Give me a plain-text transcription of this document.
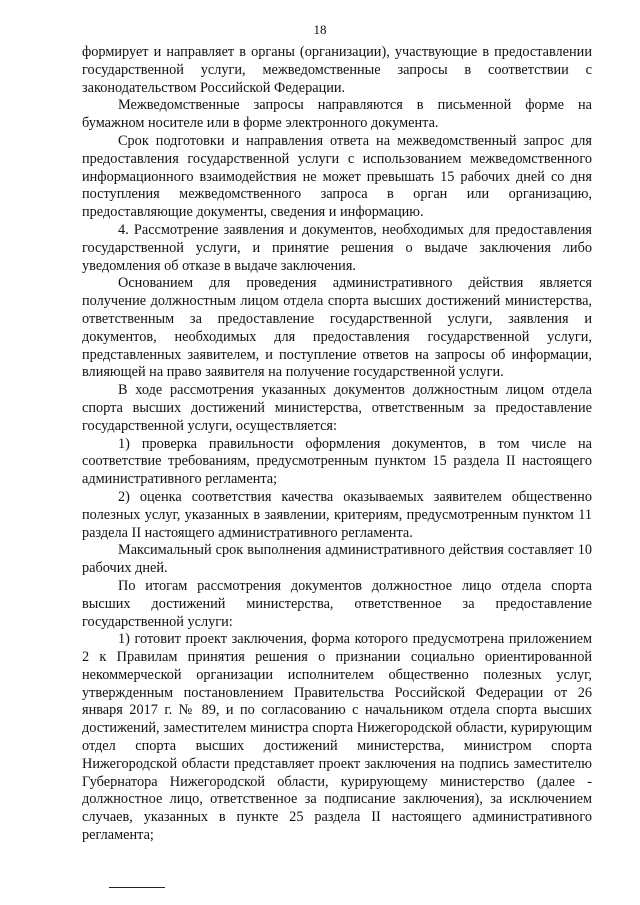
18

формирует и направляет в органы (организации), участвующие в предоставлении государственной услуги, межведомственные запросы в соответствии с законодательством Российской Федерации.

Межведомственные запросы направляются в письменной форме на бумажном носителе или в форме электронного документа.

Срок подготовки и направления ответа на межведомственный запрос для предоставления государственной услуги с использованием межведомственного информационного взаимодействия не может превышать 15 рабочих дней со дня поступления межведомственного запроса в орган или организацию, предоставляющие документы, сведения и информацию.

4. Рассмотрение заявления и документов, необходимых для предоставления государственной услуги, и принятие решения о выдаче заключения либо уведомления об отказе в выдаче заключения.

Основанием для проведения административного действия является получение должностным лицом отдела спорта высших достижений министерства, ответственным за предоставление государственной услуги, заявления и документов, необходимых для предоставления государственной услуги, представленных заявителем, и поступление ответов на запросы об информации, влияющей на право заявителя на получение государственной услуги.

В ходе рассмотрения указанных документов должностным лицом отдела спорта высших достижений министерства, ответственным за предоставление государственной услуги, осуществляется:

1) проверка правильности оформления документов, в том числе на соответствие требованиям, предусмотренным пунктом 15 раздела II настоящего административного регламента;

2) оценка соответствия качества оказываемых заявителем общественно полезных услуг, указанных в заявлении, критериям, предусмотренным пунктом 11 раздела II настоящего административного регламента.

Максимальный срок выполнения административного действия составляет 10 рабочих дней.

По итогам рассмотрения документов должностное лицо отдела спорта высших достижений министерства, ответственное за предоставление государственной услуги:

1) готовит проект заключения, форма которого предусмотрена приложением 2 к Правилам принятия решения о признании социально ориентированной некоммерческой организации исполнителем общественно полезных услуг, утвержденным постановлением Правительства Российской Федерации от 26 января 2017 г. № 89, и по согласованию с начальником отдела спорта высших достижений, заместителем министра спорта Нижегородской области, курирующим отдел спорта высших достижений министерства, министром спорта Нижегородской области представляет проект заключения на подпись заместителю Губернатора Нижегородской области, курирующему министерство (далее - должностное лицо, ответственное за подписание заключения), за исключением случаев, указанных в пункте 25 раздела II настоящего административного регламента;
